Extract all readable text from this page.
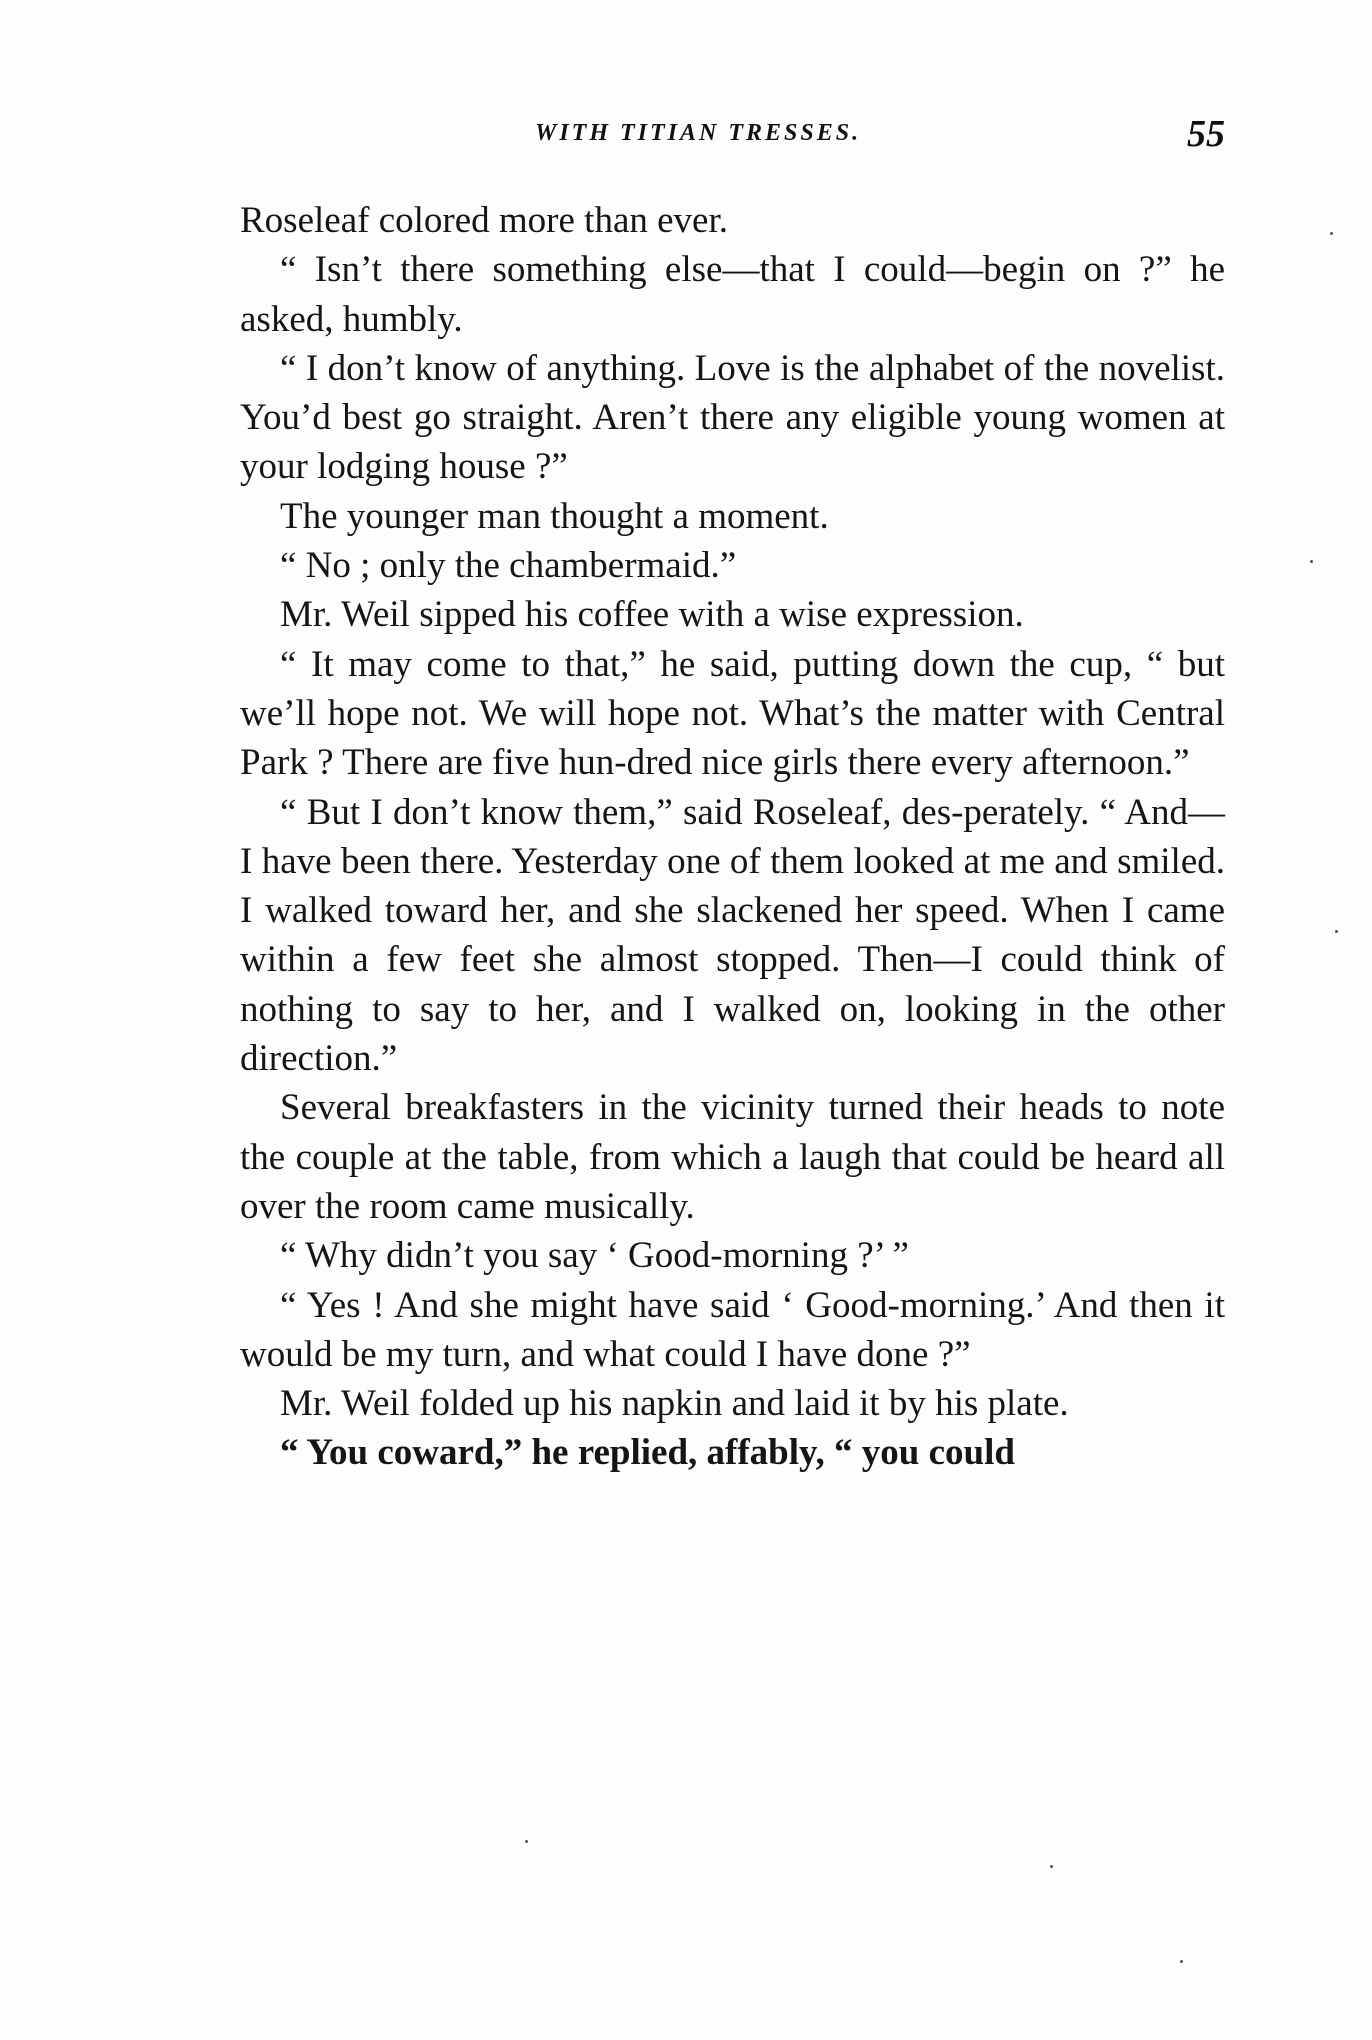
WITH TITIAN TRESSES.	55

Roseleaf colored more than ever.

“ Isn’t there something else—that I could—begin on ?” he asked, humbly.

“ I don’t know of anything. Love is the alphabet of the novelist. You’d best go straight. Aren’t there any eligible young women at your lodging house ?”

The younger man thought a moment.

“ No ; only the chambermaid.”

Mr. Weil sipped his coffee with a wise expression.

“ It may come to that,” he said, putting down the cup, “ but we’ll hope not. We will hope not. What’s the matter with Central Park ? There are five hun-dred nice girls there every afternoon.”

“ But I don’t know them,” said Roseleaf, des-perately. “ And—I have been there. Yesterday one of them looked at me and smiled. I walked toward her, and she slackened her speed. When I came within a few feet she almost stopped. Then—I could think of nothing to say to her, and I walked on, looking in the other direction.”

Several breakfasters in the vicinity turned their heads to note the couple at the table, from which a laugh that could be heard all over the room came musically.

“ Why didn’t you say ‘ Good-morning ?’ ”

“ Yes ! And she might have said ‘ Good-morning.’ And then it would be my turn, and what could I have done ?”

Mr. Weil folded up his napkin and laid it by his plate.

“ You coward,” he replied, affably, “ you could
